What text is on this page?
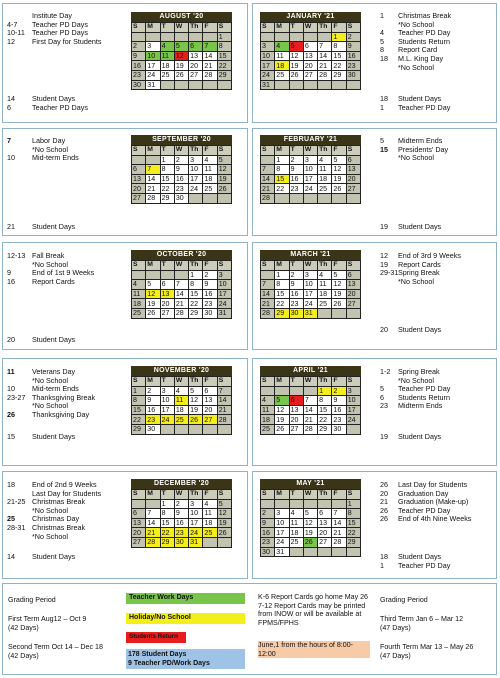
Institute Day
4-7	Teacher PD Days
10-11 Teacher PD Days
12	First Day for Students
14	Student Days
6	Teacher PD Days
7	Labor Day
*No School
10	Mid-term Ends
21	Student Days
12-13 Fall Break
*No School
9	End of 1st 9 Weeks
16	Report Cards
20	Student Days
11	Veterans Day
*No School
10	Mid-term Ends
23-27 Thanksgiving Break
*No School
26	Thanksgiving Day
15	Student Days
18	End of 2nd 9 Weeks
Last Day for Students
21-25 Christmas Break
*No School
25	Christmas Day
28-31 Christmas Break
*No School
14	Student Days
1	Christmas Break
*No School
4	Teacher PD Day
5	Students Return
8	Report Card
18	M.L. King Day
*No School
18	Student Days
1	Teacher PD Day
5	Midterm Ends
15	Presidents' Day
*No School
19	Student Days
12	End of 3rd 9 Weeks
19	Report Cards
29-31 Spring Break
*No School
20	Student Days
1-2	Spring Break
*No School
5	Teacher PD Day
6	Students Return
23	Midterm Ends
19	Student Days
26	Last Day for Students
20	Graduation Day
21	Graduation (Make-up)
26	Teacher PD Day
26	End of 4th Nine Weeks
18	Student Days
1	Teacher PD Day
AUGUST '20
S	M	T	W	Th	F	S
						1
2	3	4	5	6	7	8
9	10	11	12	13	14	15
16	17	18	19	20	21	22
23	24	25	26	27	28	29
30	31					
JANUARY '21
S	M	T	W	Th	F	S
					1	2
3	4	5	6	7	8	9
10	11	12	13	14	15	16
17	18	19	20	21	22	23
24	25	26	27	28	29	30
31						
SEPTEMBER '20
S	M	T	W	Th	F	S
		1	2	3	4	5
6	7	8	9	10	11	12
13	14	15	16	17	18	19
20	21	22	23	24	25	26
27	28	29	30			
FEBRUARY '21
S	M	T	W	Th	F	S
	1	2	3	4	5	6
7	8	9	10	11	12	13
14	15	16	17	18	19	20
21	22	23	24	25	26	27
28						
OCTOBER '20
S	M	T	W	Th	F	S
				1	2	3
4	5	6	7	8	9	10
11	12	13	14	15	16	17
18	19	20	21	22	23	24
25	26	27	28	29	30	31
MARCH '21
S	M	T	W	Th	F	S
	1	2	3	4	5	6
7	8	9	10	11	12	13
14	15	16	17	18	19	20
21	22	23	24	25	26	27
28	29	30	31			
NOVEMBER '20
S	M	T	W	Th	F	S
1	2	3	4	5	6	7
8	9	10	11	12	13	14
15	16	17	18	19	20	21
22	23	24	25	26	27	28
29	30					
APRIL '21
S	M	T	W	Th	F	S
				1	2	3
4	5	6	7	8	9	10
11	12	13	14	15	16	17
18	19	20	21	22	23	24
25	26	27	28	29	30	
DECEMBER '20
S	M	T	W	Th	F	S
		1	2	3	4	5
6	7	8	9	10	11	12
13	14	15	16	17	18	19
20	21	22	23	24	25	26
27	28	29	30	31		
MAY '21
S	M	T	W	Th	F	S
						1
2	3	4	5	6	7	8
9	10	11	12	13	14	15
16	17	18	19	20	21	22
23	24	25	26	27	28	29
30	31					
Grading Period
First Term Aug12 – Oct 9
(42 Days)
Second Term Oct 14 – Dec 18
(42 Days)
Teacher Work Days
Holiday/No School
Students Return
178 Student Days
9 Teacher PD/Work Days
K-6 Report Cards go home May 26
7-12 Report Cards may be printed from INOW or will be available at FPMS/FPHS
June,1 from the hours of 8:00-12:00
Grading Period
Third Term Jan 6 – Mar 12
(47 Days)
Fourth Term Mar 13 – May 26
(47 Days)
